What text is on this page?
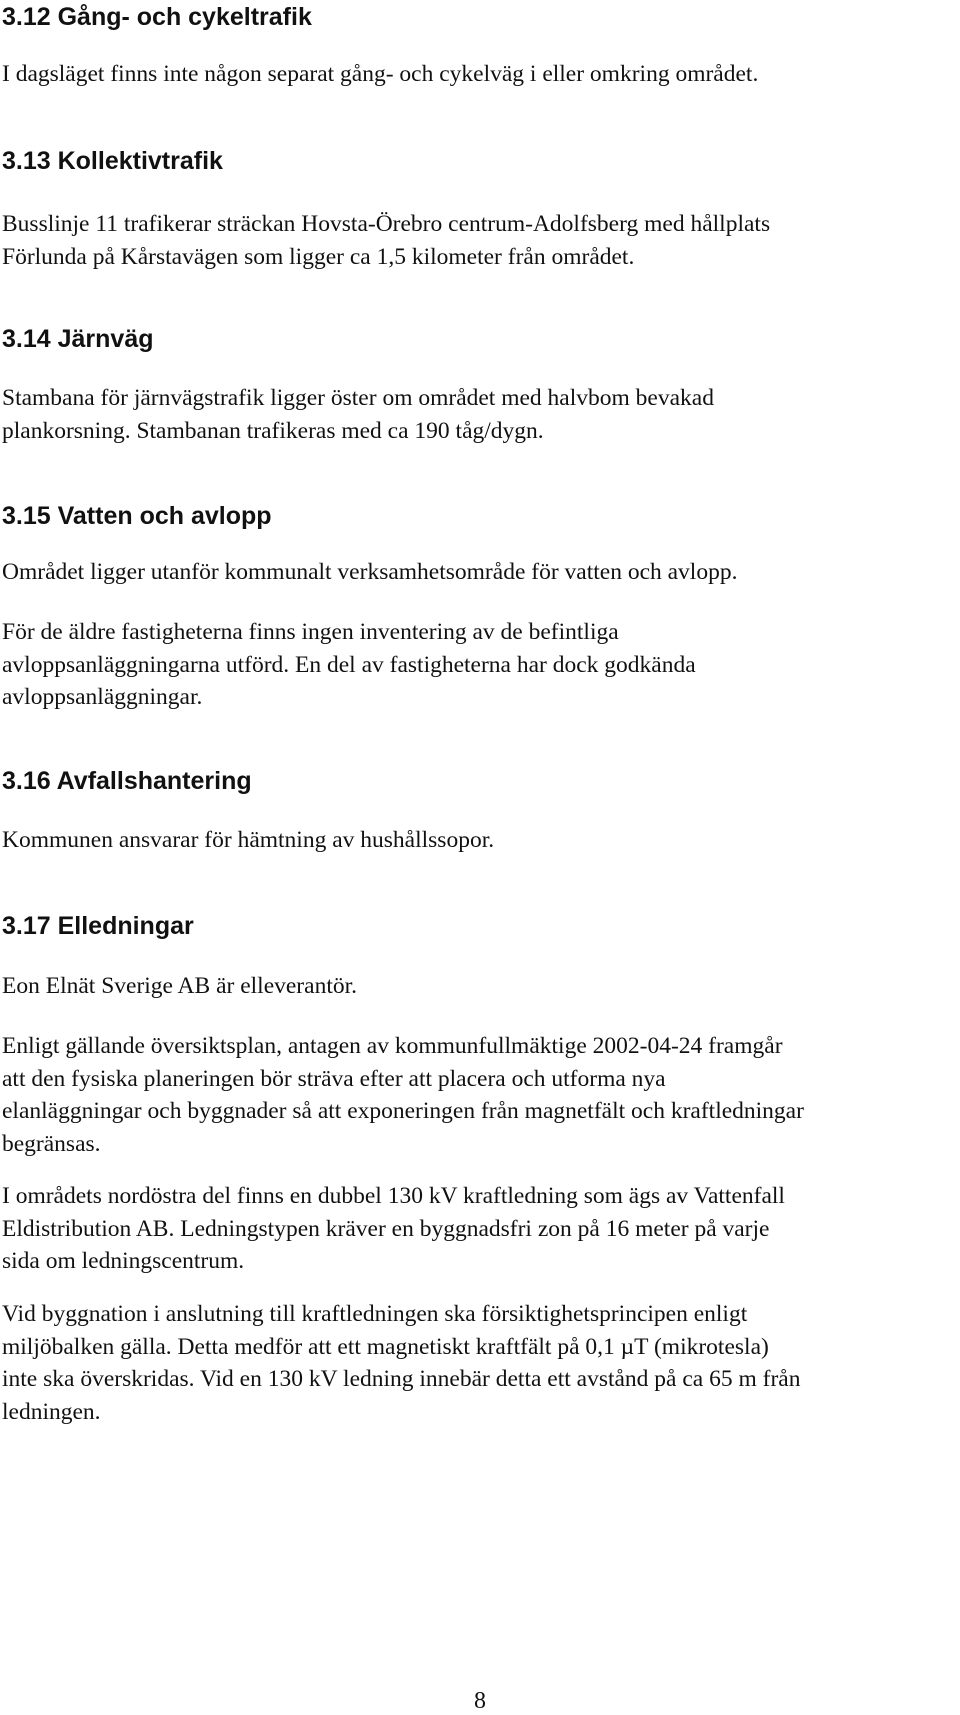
3.12 Gång- och cykeltrafik

I dagsläget finns inte någon separat gång- och cykelväg i eller omkring området.

3.13 Kollektivtrafik

Busslinje 11 trafikerar sträckan Hovsta-Örebro centrum-Adolfsberg med hållplats
Förlunda på Kårstavägen som ligger ca 1,5 kilometer från området.

3.14 Järnväg

Stambana för järnvägstrafik ligger öster om området med halvbom bevakad
plankorsning. Stambanan trafikeras med ca 190 tåg/dygn.

3.15 Vatten och avlopp

Området ligger utanför kommunalt verksamhetsområde för vatten och avlopp.

För de äldre fastigheterna finns ingen inventering av de befintliga
avloppsanläggningarna utförd. En del av fastigheterna har dock godkända
avloppsanläggningar.

3.16 Avfallshantering

Kommunen ansvarar för hämtning av hushållssopor.

3.17 Elledningar

Eon Elnät Sverige AB är elleverantör.

Enligt gällande översiktsplan, antagen av kommunfullmäktige 2002-04-24 framgår
att den fysiska planeringen bör sträva efter att placera och utforma nya
elanläggningar och byggnader så att exponeringen från magnetfält och kraftledningar
begränsas.

I områdets nordöstra del finns en dubbel 130 kV kraftledning som ägs av Vattenfall
Eldistribution AB. Ledningstypen kräver en byggnadsfri zon på 16 meter på varje
sida om ledningscentrum.

Vid byggnation i anslutning till kraftledningen ska försiktighetsprincipen enligt
miljöbalken gälla. Detta medför att ett magnetiskt kraftfält på 0,1 µT (mikrotesla)
inte ska överskridas. Vid en 130 kV ledning innebär detta ett avstånd på ca 65 m från
ledningen.

8
